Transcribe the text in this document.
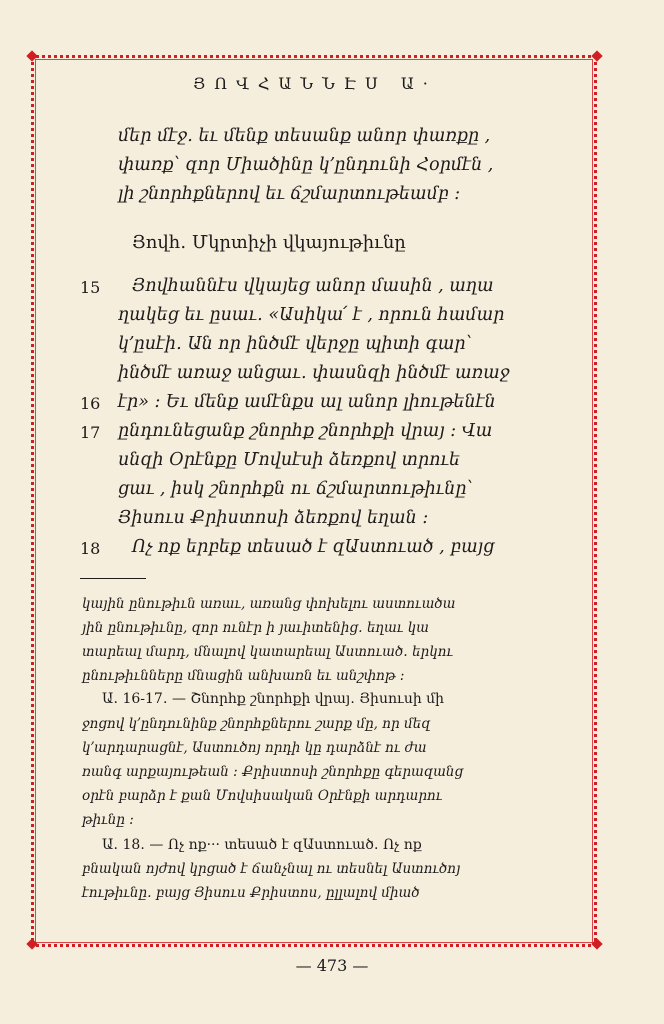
ՅՈՎՀԱՆՆԷՍ Ա·
մեր մէջ․ եւ մենք տեսանք անոր փառքը ,
փառք՝ զոր Միածինը կ՚ընդունի Հօրմէն ,
լի շնորհքներով եւ ճշմարտութեամբ :
Յովհ․ Մկրտիչի վկայութիւնը
15 Յովհաննէս վկայեց անոր մասին , աղա
ղակեց եւ ըսաւ․ «Ասիկա՛ է , որուն համար
կ՚ըսէի․ Ան որ ինծմէ վերջը պիտի գար՝
ինծմէ առաջ անցաւ․ փասնզի ինծմէ առաջ
16 էր» : Եւ մենք ամէնքս ալ անոր լիութենէն
17 ընդունեցանք շնորհք շնորհքի վրայ : Վա
սնզի Օրէնքը Մովսէսի ձեռքով տրուե
ցաւ , իսկ շնորհքն ու ճշմարտութիւնը՝
Յիսուս Քրիստոսի ձեռքով եղան :
18 Ոչ ոք երբեք տեսած է զԱստուած , բայց
կային ընութիւն առաւ, առանց փոխելու աստուածա
յին ընութիւնը, զոր ունէր ի յաւիտենից․ եղաւ կա
տարեալ մարդ, մնալով կատարեալ Աստուած․ երկու
ընութիւնները մնացին անխառն եւ անշփոթ :
Ա․ 16-17․ — Շնորհք շնորհքի վրայ․ Յիսուսի մի
ջոցով կ՚ընդունինք շնորհքներու շարք մը, որ մեզ
կ՚արդարացնէ, Աստուծոյ որդի կը դարձնէ ու ժա
ռանգ արքայութեան : Քրիստոսի շնորհքը գերազանց
օրէն բարձր է քան Մովսիսական Օրէնքի արդարու
թիւնը :
Ա․ 18․ — Ոչ ոք··· տեսած է զԱստուած․ Ոչ ոք
բնական ոյժով կրցած է ճանչնալ ու տեսնել Աստուծոյ
էութիւնը․ բայց Յիսուս Քրիստոս, ըլլալով միած
— 473 —
